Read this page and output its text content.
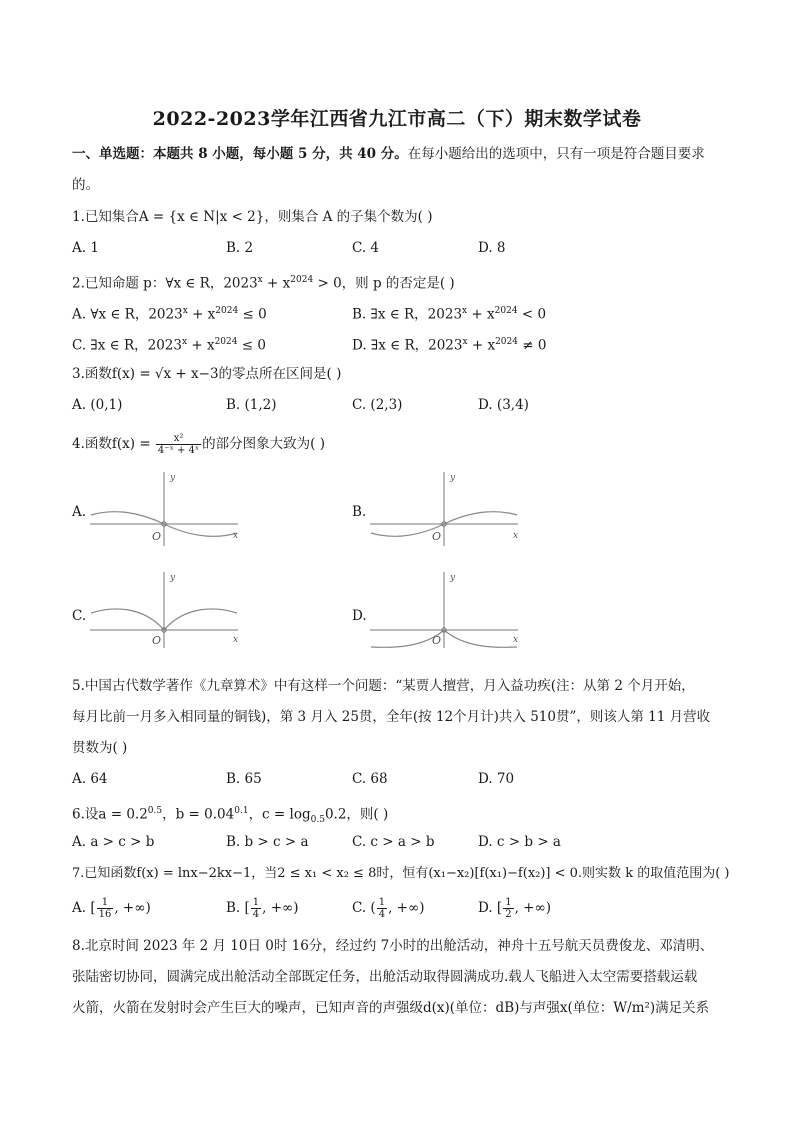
2022-2023学年江西省九江市高二（下）期末数学试卷
一、单选题：本题共 8 小题，每小题 5 分，共 40 分。在每小题给出的选项中，只有一项是符合题目要求
的。
1.已知集合A = {x ∈ N|x < 2}，则集合 A 的子集个数为( )
A. 1	B. 2	C. 4	D. 8
2.已知命题 p：∀x ∈ R，$2023^x + x^{2024} > 0$，则 p 的否定是( )
A. ∀x ∈ R，$2023^x + x^{2024} \le 0$	B. ∃x ∈ R，$2023^x + x^{2024} < 0$
C. ∃x ∈ R，$2023^x + x^{2024} \le 0$	D. ∃x ∈ R，$2023^x + x^{2024} \ne 0$
3.函数f(x) = √x + x−3的零点所在区间是( )
A. (0,1)	B. (1,2)	C. (2,3)	D. (3,4)
4.函数$f(x) = \frac{\text{x²}}{\text{4⁻ˣ + 4ˣ}}$ 的部分图象大致为( )
A.	B.
C.	D.
y
x
O
y
x
O
y
x
O
y
x
O
5.中国古代数学著作《九章算术》中有这样一个问题：“某贾人擅营，月入益功疾(注：从第 2 个月开始，
每月比前一月多入相同量的铜钱)，第 3 月入 25贯，全年(按 12个月计)共入 510贯”，则该人第 11 月营收
贯数为( )
A. 64	B. 65	C. 68	D. 70
6.设$a = 0.2^{0.5}$，$b = 0.04^{0.1}$，$c = \log_{0.5}0.2$，则( )
A. a > c > b	B. b > c > a	C. c > a > b	D. c > b > a
7.已知函数f(x) = lnx−2kx−1，当2 ≤ x₁ < x₂ ≤ 8时，恒有(x₁−x₂)[f(x₁)−f(x₂)] < 0.则实数 k 的取值范围为( )
A. [ $\frac{1}{16}$ , +∞)	B. [ $\frac{1}{4}$ , +∞)	C. ( $\frac{1}{4}$ , +∞)	D. [ $\frac{1}{2}$ , +∞)
8.北京时间 2023 年 2 月 10日 0时 16分，经过约 7小时的出舱活动，神舟十五号航天员费俊龙、邓清明、
张陆密切协同，圆满完成出舱活动全部既定任务，出舱活动取得圆满成功.载人飞船进入太空需要搭载运载
火箭，火箭在发射时会产生巨大的噪声，已知声音的声强级d(x)(单位：dB)与声强x(单位：W/m²)满足关系
